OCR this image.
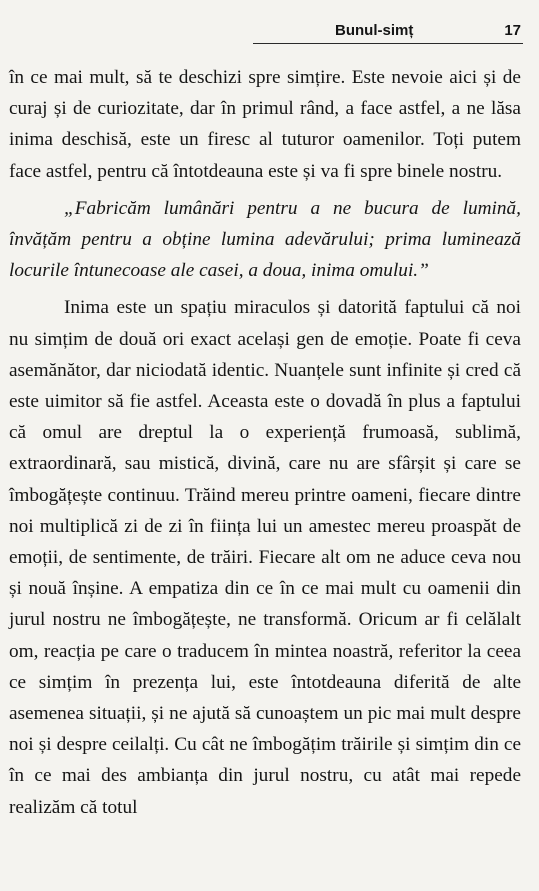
Bunul-simț	17

în ce mai mult, să te deschizi spre simțire. Este nevoie aici și de curaj și de curiozitate, dar în primul rând, a face astfel, a ne lăsa inima deschisă, este un firesc al tuturor oamenilor. Toți putem face astfel, pentru că întotdeauna este și va fi spre binele nostru.

„Fabricăm lumânări pentru a ne bucura de lumină, învățăm pentru a obține lumina adevărului; prima luminează locurile întunecoase ale casei, a doua, inima omului.”

Inima este un spațiu miraculos și datorită faptului că noi nu simțim de două ori exact același gen de emoție. Poate fi ceva asemănător, dar niciodată identic. Nuanțele sunt infinite și cred că este uimitor să fie astfel. Aceasta este o dovadă în plus a faptului că omul are dreptul la o experiență frumoasă, sublimă, extraordinară, sau mistică, divină, care nu are sfârșit și care se îmbogățește continuu. Trăind mereu printre oameni, fiecare dintre noi multiplică zi de zi în ființa lui un amestec mereu proaspăt de emoții, de sentimente, de trăiri. Fiecare alt om ne aduce ceva nou și nouă înșine. A empatiza din ce în ce mai mult cu oamenii din jurul nostru ne îmbogățește, ne transformă. Oricum ar fi celălalt om, reacția pe care o traducem în mintea noastră, referitor la ceea ce simțim în prezența lui, este întotdeauna diferită de alte asemenea situații, și ne ajută să cunoaștem un pic mai mult despre noi și despre ceilalți. Cu cât ne îmbogățim trăirile și simțim din ce în ce mai des ambianța din jurul nostru, cu atât mai repede realizăm că totul
